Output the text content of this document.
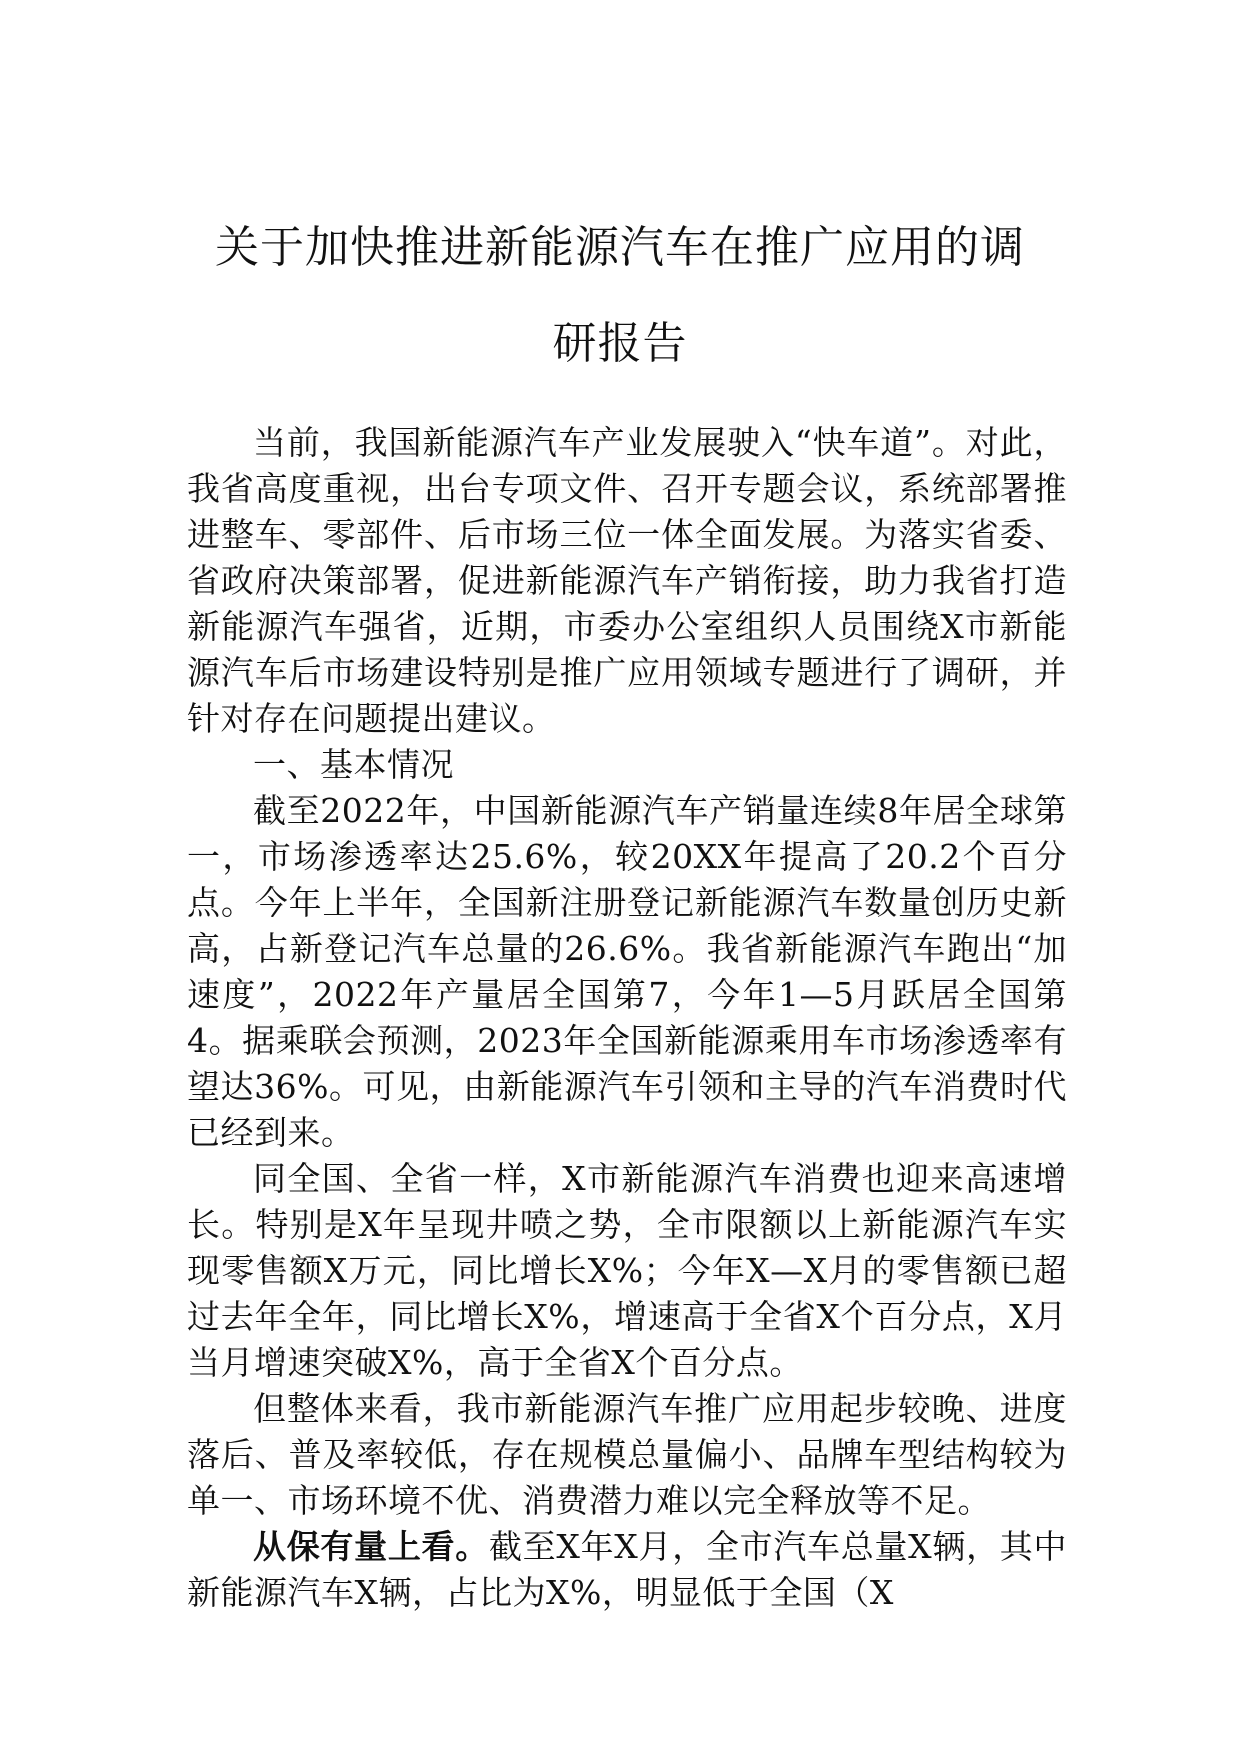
关于加快推进新能源汽车在推广应用的调
研报告

当前，我国新能源汽车产业发展驶入“快车道”。对此，我省高度重视，出台专项文件、召开专题会议，系统部署推进整车、零部件、后市场三位一体全面发展。为落实省委、省政府决策部署，促进新能源汽车产销衔接，助力我省打造新能源汽车强省，近期，市委办公室组织人员围绕X市新能源汽车后市场建设特别是推广应用领域专题进行了调研，并针对存在问题提出建议。

一、基本情况

截至2022年，中国新能源汽车产销量连续8年居全球第一，市场渗透率达25.6%，较20XX年提高了20.2个百分点。今年上半年，全国新注册登记新能源汽车数量创历史新高，占新登记汽车总量的26.6%。我省新能源汽车跑出“加速度”，2022年产量居全国第7，今年1—5月跃居全国第4。据乘联会预测，2023年全国新能源乘用车市场渗透率有望达36%。可见，由新能源汽车引领和主导的汽车消费时代已经到来。

同全国、全省一样，X市新能源汽车消费也迎来高速增长。特别是X年呈现井喷之势，全市限额以上新能源汽车实现零售额X万元，同比增长X%；今年X—X月的零售额已超过去年全年，同比增长X%，增速高于全省X个百分点，X月当月增速突破X%，高于全省X个百分点。

但整体来看，我市新能源汽车推广应用起步较晚、进度落后、普及率较低，存在规模总量偏小、品牌车型结构较为单一、市场环境不优、消费潜力难以完全释放等不足。

从保有量上看。截至X年X月，全市汽车总量X辆，其中新能源汽车X辆，占比为X%，明显低于全国（X
